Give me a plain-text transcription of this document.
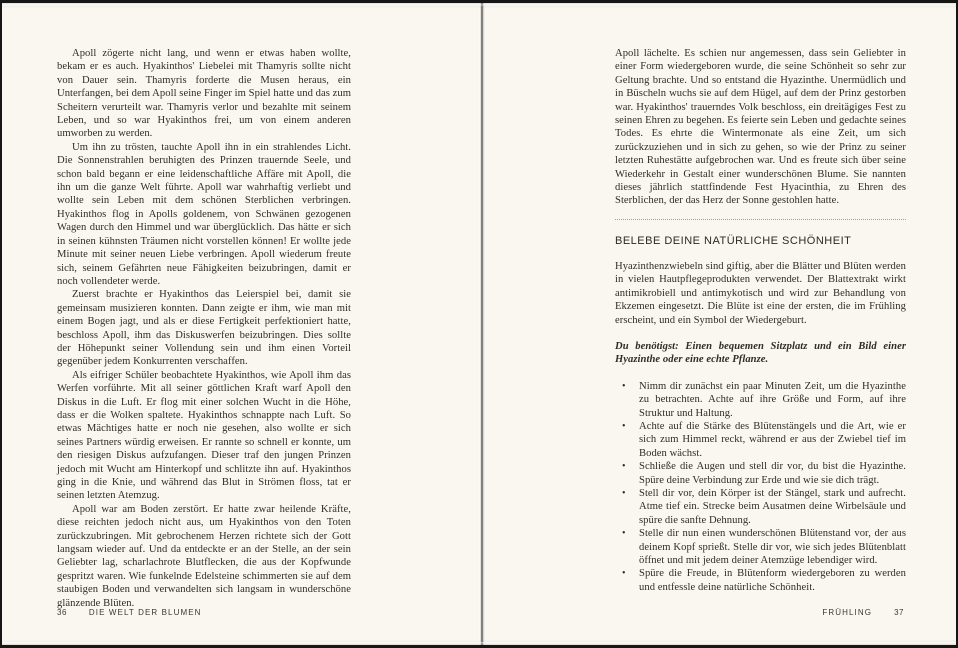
Apoll zögerte nicht lang, und wenn er etwas haben wollte, bekam er es auch. Hyakinthos' Liebelei mit Thamyris sollte nicht von Dauer sein. Thamyris forderte die Musen heraus, ein Unterfangen, bei dem Apoll seine Finger im Spiel hatte und das zum Scheitern verurteilt war. Thamyris verlor und bezahlte mit seinem Leben, und so war Hyakinthos frei, um von einem anderen umworben zu werden.

Um ihn zu trösten, tauchte Apoll ihn in ein strahlendes Licht. Die Sonnenstrahlen beruhigten des Prinzen trauernde Seele, und schon bald begann er eine leidenschaftliche Affäre mit Apoll, die ihn um die ganze Welt führte. Apoll war wahrhaftig verliebt und wollte sein Leben mit dem schönen Sterblichen verbringen. Hyakinthos flog in Apolls goldenem, von Schwänen gezogenen Wagen durch den Himmel und war überglücklich. Das hätte er sich in seinen kühnsten Träumen nicht vorstellen können! Er wollte jede Minute mit seiner neuen Liebe verbringen. Apoll wiederum freute sich, seinem Gefährten neue Fähigkeiten beizubringen, damit er noch vollendeter werde.

Zuerst brachte er Hyakinthos das Leierspiel bei, damit sie gemeinsam musizieren konnten. Dann zeigte er ihm, wie man mit einem Bogen jagt, und als er diese Fertigkeit perfektioniert hatte, beschloss Apoll, ihm das Diskuswerfen beizubringen. Dies sollte der Höhepunkt seiner Vollendung sein und ihm einen Vorteil gegenüber jedem Konkurrenten verschaffen.

Als eifriger Schüler beobachtete Hyakinthos, wie Apoll ihm das Werfen vorführte. Mit all seiner göttlichen Kraft warf Apoll den Diskus in die Luft. Er flog mit einer solchen Wucht in die Höhe, dass er die Wolken spaltete. Hyakinthos schnappte nach Luft. So etwas Mächtiges hatte er noch nie gesehen, also wollte er sich seines Partners würdig erweisen. Er rannte so schnell er konnte, um den riesigen Diskus aufzufangen. Dieser traf den jungen Prinzen jedoch mit Wucht am Hinterkopf und schlitzte ihn auf. Hyakinthos ging in die Knie, und während das Blut in Strömen floss, tat er seinen letzten Atemzug.

Apoll war am Boden zerstört. Er hatte zwar heilende Kräfte, diese reichten jedoch nicht aus, um Hyakinthos von den Toten zurückzubringen. Mit gebrochenem Herzen richtete sich der Gott langsam wieder auf. Und da entdeckte er an der Stelle, an der sein Geliebter lag, scharlachrote Blutflecken, die aus der Kopfwunde gespritzt waren. Wie funkelnde Edelsteine schimmerten sie auf dem staubigen Boden und verwandelten sich langsam in wunderschöne glänzende Blüten.

36	DIE WELT DER BLUMEN

Apoll lächelte. Es schien nur angemessen, dass sein Geliebter in einer Form wiedergeboren wurde, die seine Schönheit so sehr zur Geltung brachte. Und so entstand die Hyazinthe. Unermüdlich und in Büscheln wuchs sie auf dem Hügel, auf dem der Prinz gestorben war. Hyakinthos' trauerndes Volk beschloss, ein dreitägiges Fest zu seinen Ehren zu begehen. Es feierte sein Leben und gedachte seines Todes. Es ehrte die Wintermonate als eine Zeit, um sich zurückzuziehen und in sich zu gehen, so wie der Prinz zu seiner letzten Ruhestätte aufgebrochen war. Und es freute sich über seine Wiederkehr in Gestalt einer wunderschönen Blume. Sie nannten dieses jährlich stattfindende Fest Hyacinthia, zu Ehren des Sterblichen, der das Herz der Sonne gestohlen hatte.

BELEBE DEINE NATÜRLICHE SCHÖNHEIT

Hyazinthenzwiebeln sind giftig, aber die Blätter und Blüten werden in vielen Hautpflegeprodukten verwendet. Der Blattextrakt wirkt antimikrobiell und antimykotisch und wird zur Behandlung von Ekzemen eingesetzt. Die Blüte ist eine der ersten, die im Frühling erscheint, und ein Symbol der Wiedergeburt.

Du benötigst: Einen bequemen Sitzplatz und ein Bild einer Hyazinthe oder eine echte Pflanze.

• Nimm dir zunächst ein paar Minuten Zeit, um die Hyazinthe zu betrachten. Achte auf ihre Größe und Form, auf ihre Struktur und Haltung.
• Achte auf die Stärke des Blütenstängels und die Art, wie er sich zum Himmel reckt, während er aus der Zwiebel tief im Boden wächst.
• Schließe die Augen und stell dir vor, du bist die Hyazinthe. Spüre deine Verbindung zur Erde und wie sie dich trägt.
• Stell dir vor, dein Körper ist der Stängel, stark und aufrecht. Atme tief ein. Strecke beim Ausatmen deine Wirbelsäule und spüre die sanfte Dehnung.
• Stelle dir nun einen wunderschönen Blütenstand vor, der aus deinem Kopf sprießt. Stelle dir vor, wie sich jedes Blütenblatt öffnet und mit jedem deiner Atemzüge lebendiger wird.
• Spüre die Freude, in Blütenform wiedergeboren zu werden und entfessle deine natürliche Schönheit.
FRÜHLING	37
